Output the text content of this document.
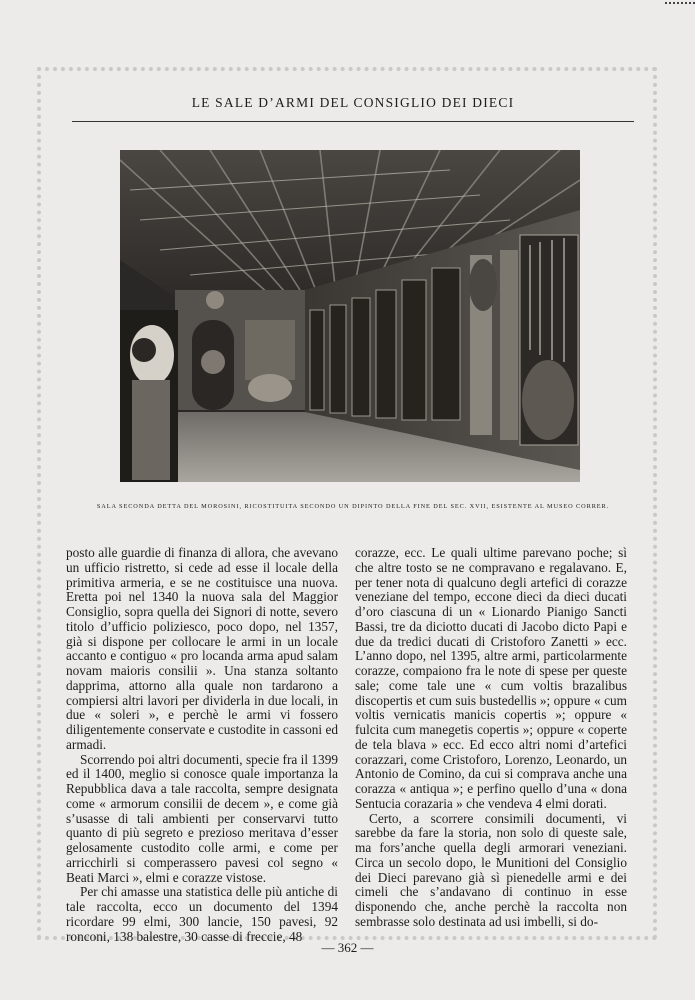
LE SALE D’ARMI DEL CONSIGLIO DEI DIECI
SALA SECONDA DETTA DEL MOROSINI, RICOSTITUITA SECONDO UN DIPINTO DELLA FINE DEL SEC. XVII, ESISTENTE AL MUSEO CORRER.

posto alle guardie di finanza di allora, che avevano un ufficio ristretto, si cede ad esse il locale della primitiva armeria, e se ne costituisce una nuova. Eretta poi nel 1340 la nuova sala del Maggior Consiglio, sopra quella dei Signori di notte, severo titolo d’ufficio poliziesco, poco dopo, nel 1357, già si dispone per collocare le armi in un locale accanto e contiguo « pro locanda arma apud salam novam maioris consilii ». Una stanza soltanto dapprima, attorno alla quale non tardarono a compiersi altri lavori per dividerla in due locali, in due « soleri », e perchè le armi vi fossero diligentemente conservate e custodite in cassoni ed armadi.

Scorrendo poi altri documenti, specie fra il 1399 ed il 1400, meglio si conosce quale importanza la Repubblica dava a tale raccolta, sempre designata come « armorum consilii de decem », e come già s’usasse di tali ambienti per conservarvi tutto quanto di più segreto e prezioso meritava d’esser gelosamente custodito colle armi, e come per arricchirli si comperassero pavesi col segno « Beati Marci », elmi e corazze vistose.

Per chi amasse una statistica delle più antiche di tale raccolta, ecco un documento del 1394 ricordare 99 elmi, 300 lancie, 150 pavesi, 92 ronconi, 138 balestre, 30 casse di freccie, 48

corazze, ecc. Le quali ultime parevano poche; sì che altre tosto se ne compravano e regalavano. E, per tener nota di qualcuno degli artefici di corazze veneziane del tempo, eccone dieci da dieci ducati d’oro ciascuna di un « Lionardo Pianigo Sancti Bassi, tre da diciotto ducati di Jacobo dicto Papi e due da tredici ducati di Cristoforo Zanetti » ecc. L’anno dopo, nel 1395, altre armi, particolarmente corazze, compaiono fra le note di spese per queste sale; come tale une « cum voltis brazalibus discopertis et cum suis bustedellis »; oppure « cum voltis vernicatis manicis copertis »; oppure « fulcita cum manegetis copertis »; oppure « coperte de tela blava » ecc. Ed ecco altri nomi d’artefici corazzari, come Cristoforo, Lorenzo, Leonardo, un Antonio de Comino, da cui si comprava anche una corazza « antiqua »; e perfino quello d’una « dona Sentucia corazaria » che vendeva 4 elmi dorati.

Certo, a scorrere consimili documenti, vi sarebbe da fare la storia, non solo di queste sale, ma fors’anche quella degli armorari veneziani. Circa un secolo dopo, le Munitioni del Consiglio dei Dieci parevano già sì pienedelle armi e dei cimeli che s’andavano di continuo in esse disponendo che, anche perchè la raccolta non sembrasse solo destinata ad usi imbelli, si do-

— 362 —
